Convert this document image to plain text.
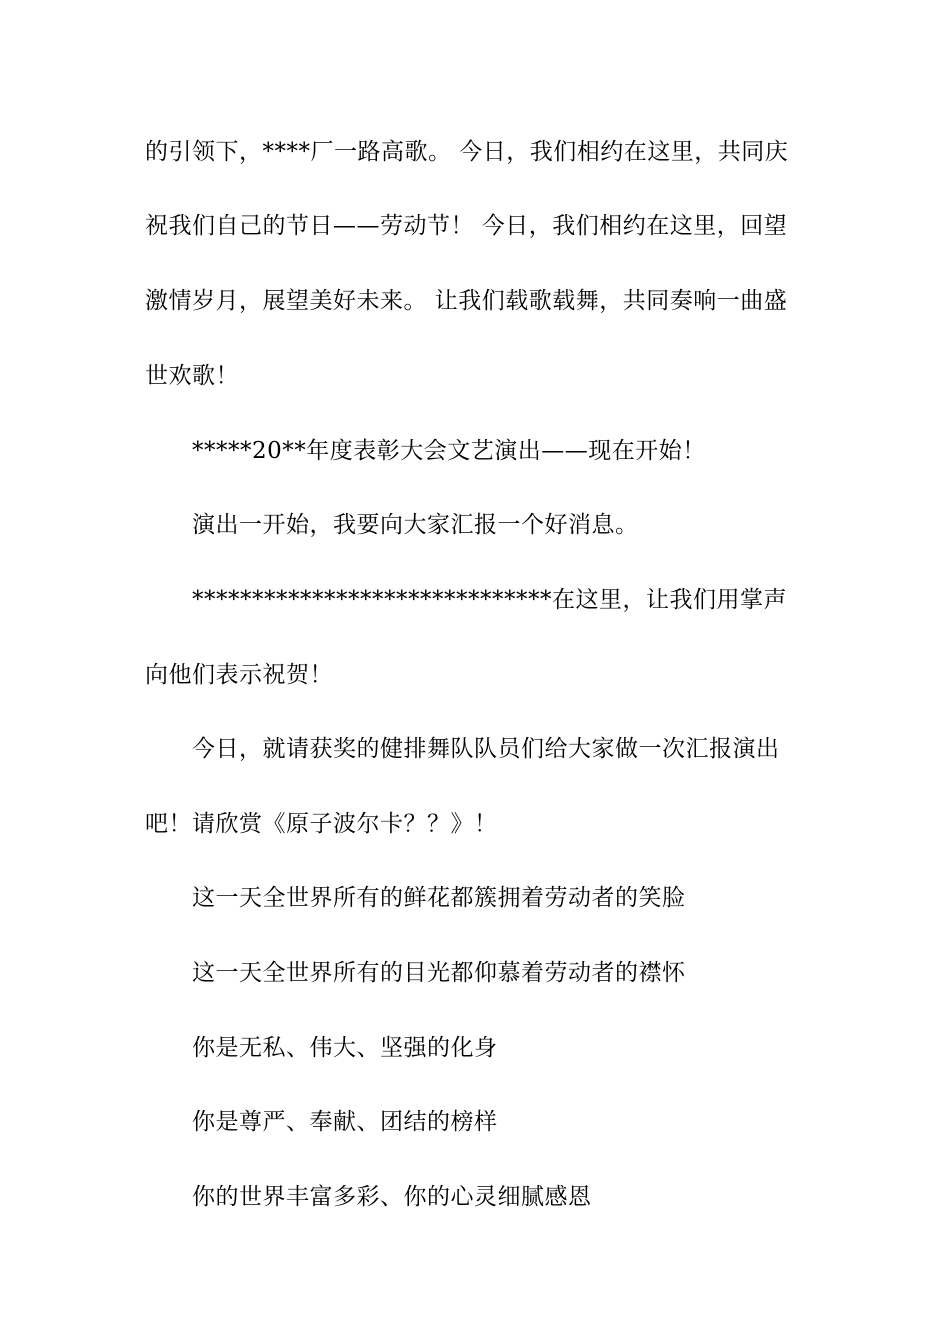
的引领下，****厂一路高歌。 今日，我们相约在这里，共同庆
祝我们自己的节日——劳动节！ 今日，我们相约在这里，回望
激情岁月，展望美好未来。 让我们载歌载舞，共同奏响一曲盛
世欢歌！
*****20**年度表彰大会文艺演出——现在开始！
演出一开始，我要向大家汇报一个好消息。
******************************在这里，让我们用掌声
向他们表示祝贺！
今日，就请获奖的健排舞队队员们给大家做一次汇报演出
吧！请欣赏《原子波尔卡？？》！
这一天全世界所有的鲜花都簇拥着劳动者的笑脸
这一天全世界所有的目光都仰慕着劳动者的襟怀
你是无私、伟大、坚强的化身
你是尊严、奉献、团结的榜样
你的世界丰富多彩、你的心灵细腻感恩
